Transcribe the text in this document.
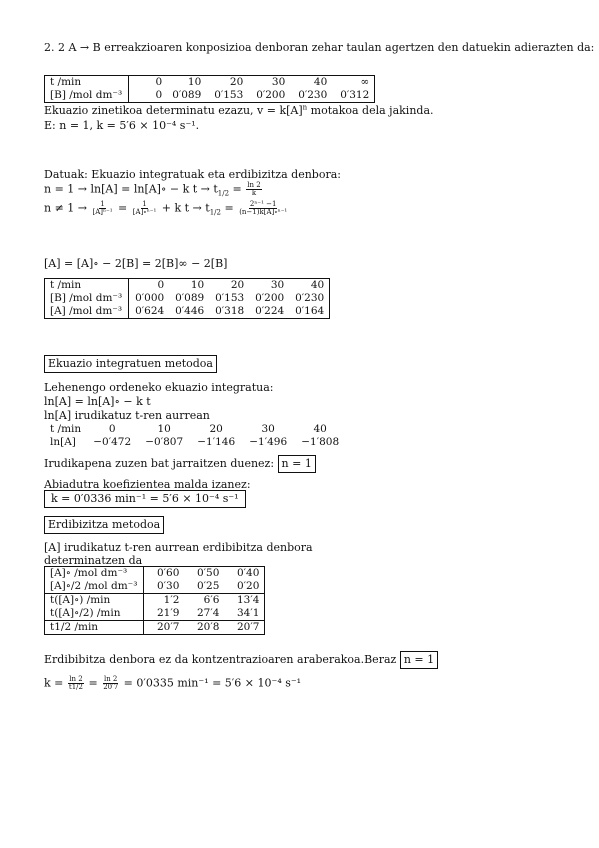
2. 2 A → B erreakzioaren konposizioa denboran zehar taulan agertzen den datuekin adierazten da:
t /min	0	10	20	30	40	∞
[B] /mol dm⁻³	0	0′089	0′153	0′200	0′230	0′312
Ekuazio zinetikoa determinatu ezazu, $v = k[A]^n$ motakoa dela jakinda.
E: n = 1, k = 5′6 × 10⁻⁴ s⁻¹.
Datuak: Ekuazio integratuak eta erdibizitza denbora:
n = 1 → ln[A] = ln[A]∘ − k $t \to t_{1/2} = \frac{\ln 2}{k}$
$n \ne 1 \to \frac{1}{\text{[A]ⁿ⁻¹}} = \frac{1}{\text{[A]∘ⁿ⁻¹}} + k$ $t \to t_{1/2} = \frac{\text{2ⁿ⁻¹ −1}}{\text{(n−1)k[A]∘ⁿ⁻¹}}$
[A] = [A]∘ − 2[B] = 2[B]∞ − 2[B]
t /min	0	10	20	30	40
[B] /mol dm⁻³	0′000	0′089	0′153	0′200	0′230
[A] /mol dm⁻³	0′624	0′446	0′318	0′224	0′164
Ekuazio integratuen metodoa
Lehenengo ordeneko ekuazio integratua:
ln[A] = ln[A]∘ − k t
ln[A] irudikatuz t-ren aurrean
t /min	0	10	20	30	40
ln[A]	−0′472	−0′807	−1′146	−1′496	−1′808
Irudikapena zuzen bat jarraitzen duenez: n = 1
Abiadutra koefizientea malda izanez:
k = 0′0336 min⁻¹ = 5′6 × 10⁻⁴ s⁻¹
Erdibizitza metodoa
[A] irudikatuz t-ren aurrean erdibibitza denbora
determinatzen da
[A]∘ /mol dm⁻³	0′60	0′50	0′40
[A]∘/2 /mol dm⁻³	0′30	0′25	0′20
t([A]∘) /min	1′2	6′6	13′4
t([A]∘/2) /min	21′9	27′4	34′1
t1/2 /min	20′7	20′8	20′7
Erdibibitza denbora ez da kontzentrazioaren araberakoa.Beraz n = 1
$k = \frac{\ln 2}{t1/2} = \frac{\ln 2}{20'7} = 0'0335$ min⁻¹ = 5′6 × 10⁻⁴ s⁻¹
